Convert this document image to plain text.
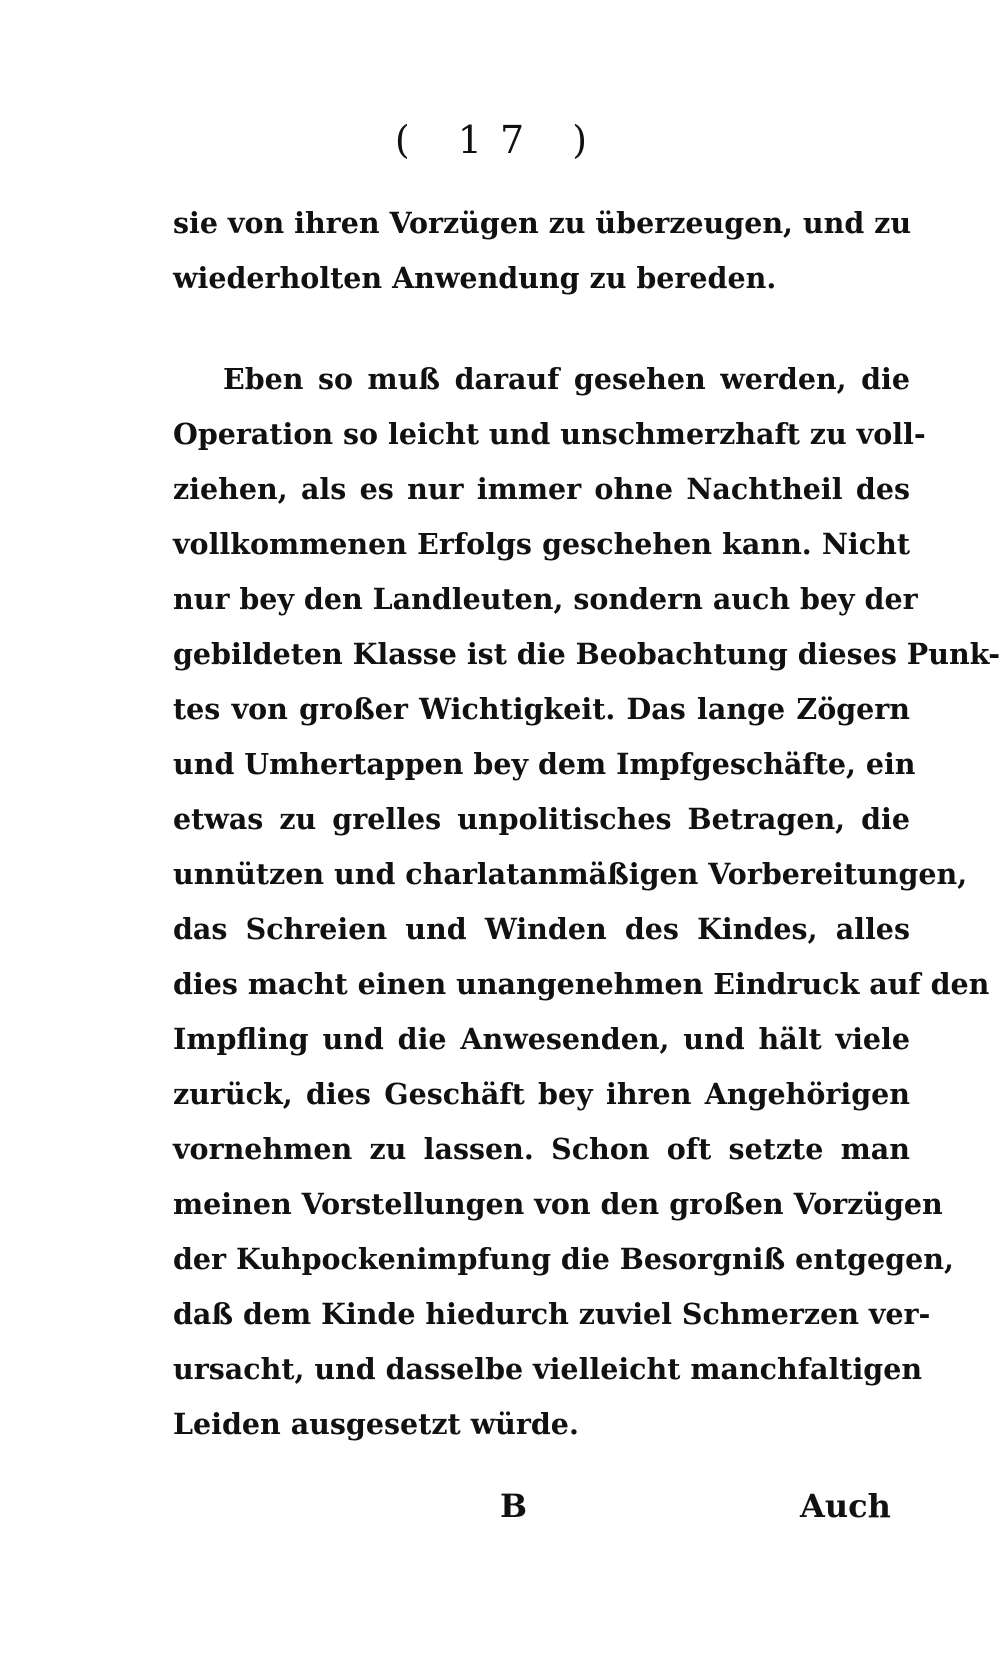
( 17 )
sie von ihren Vorzügen zu überzeugen, und zu
wiederholten Anwendung zu bereden.
Eben so muß darauf gesehen werden, die
Operation so leicht und unschmerzhaft zu voll-
ziehen, als es nur immer ohne Nachtheil des
vollkommenen Erfolgs geschehen kann. Nicht
nur bey den Landleuten, sondern auch bey der
gebildeten Klasse ist die Beobachtung dieses Punk-
tes von großer Wichtigkeit. Das lange Zögern
und Umhertappen bey dem Impfgeschäfte, ein
etwas zu grelles unpolitisches Betragen, die
unnützen und charlatanmäßigen Vorbereitungen,
das Schreien und Winden des Kindes, alles
dies macht einen unangenehmen Eindruck auf den
Impfling und die Anwesenden, und hält viele
zurück, dies Geschäft bey ihren Angehörigen
vornehmen zu lassen. Schon oft setzte man
meinen Vorstellungen von den großen Vorzügen
der Kuhpockenimpfung die Besorgniß entgegen,
daß dem Kinde hiedurch zuviel Schmerzen ver-
ursacht, und dasselbe vielleicht manchfaltigen
Leiden ausgesetzt würde.
B	Auch
